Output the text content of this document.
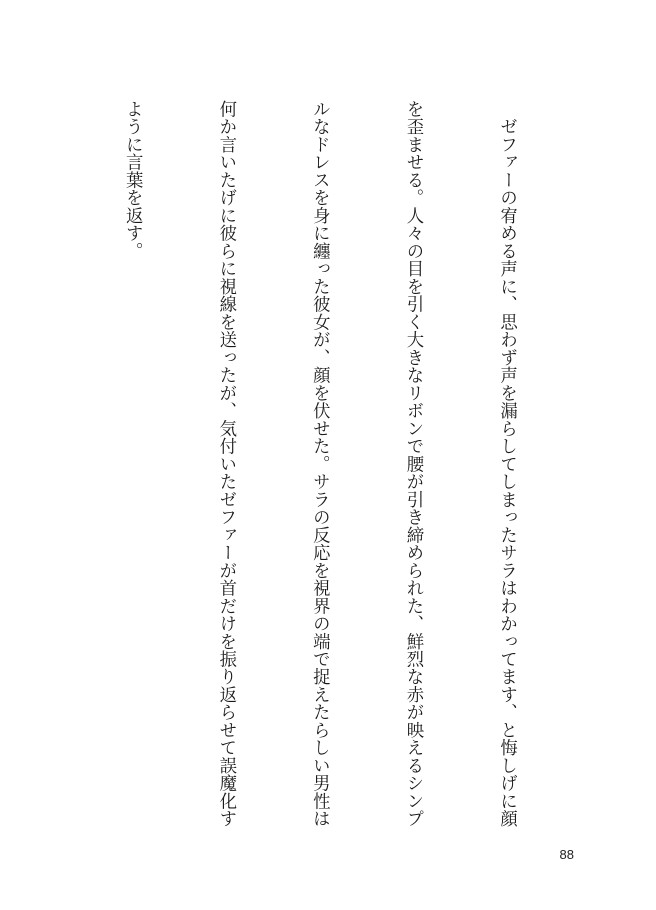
　ゼファーの宥める声に、思わず声を漏らしてしまったサラはわかってます、と悔しげに顔

を歪ませる。人々の目を引く大きなリボンで腰が引き締められた、鮮烈な赤が映えるシンプ

ルなドレスを身に纏った彼女が、顔を伏せた。サラの反応を視界の端で捉えたらしい男性は

何か言いたげに彼らに視線を送ったが、気付いたゼファーが首だけを振り返らせて誤魔化す

ように言葉を返す。

88
